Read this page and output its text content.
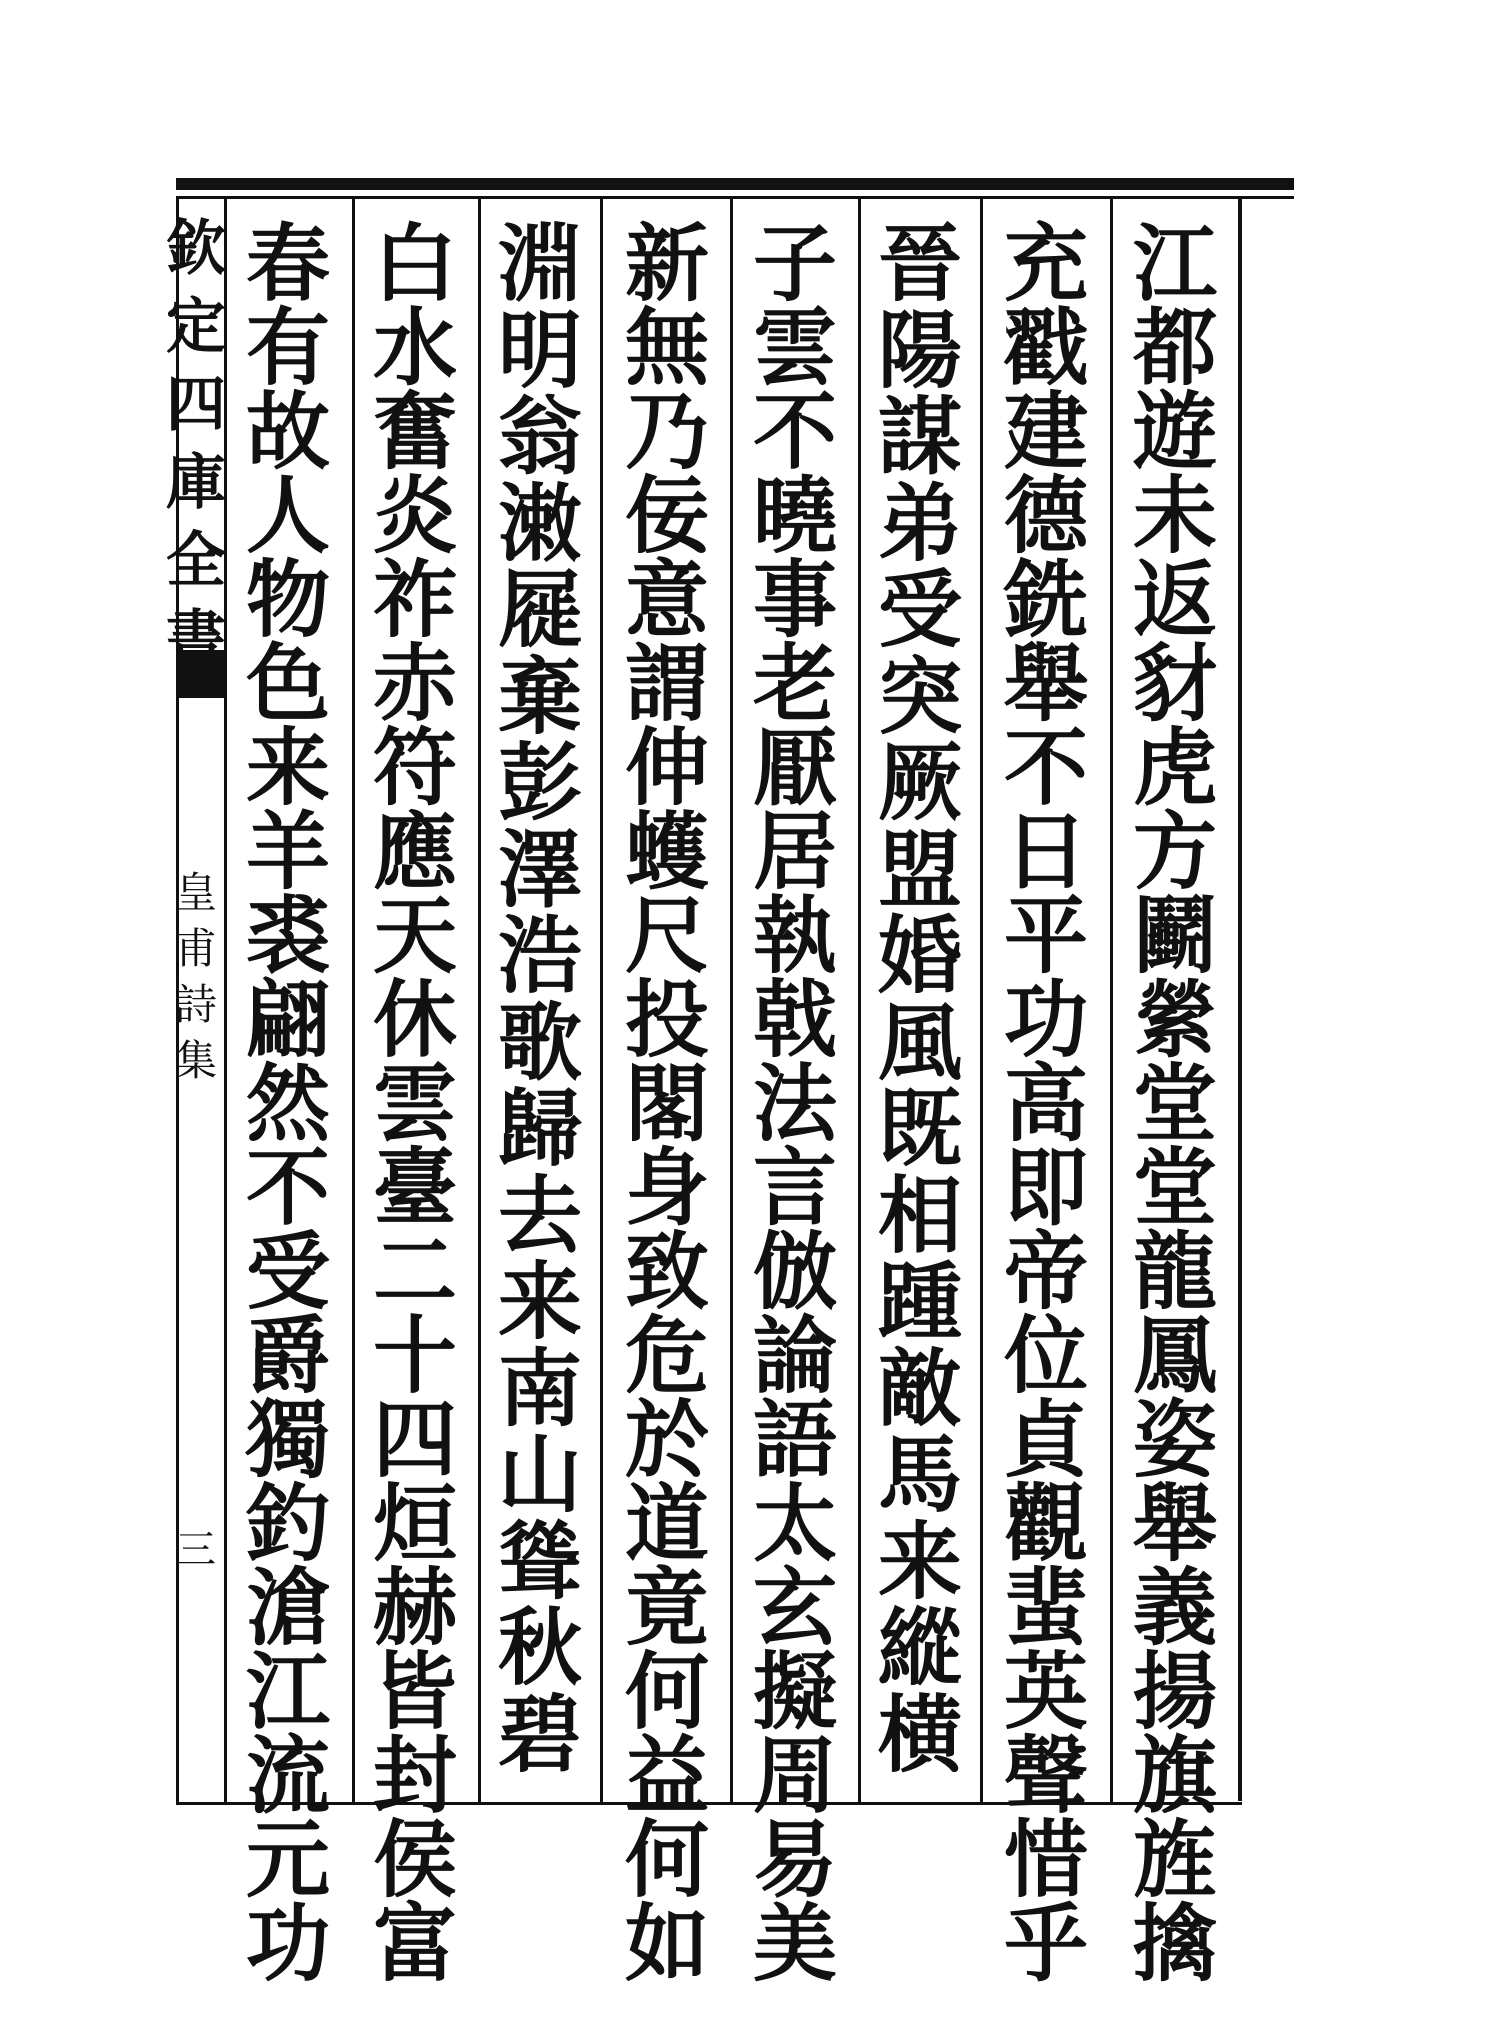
欽
定
四
庫
全
書
皇
甫
詩
集
三
江
都
遊
未
返
豺
虎
方
鬬
縈
堂
堂
龍
鳳
姿
舉
義
揚
旗
旌
擒
充
戳
建
德
銑
舉
不
日
平
功
高
即
帝
位
貞
觀
蜚
英
聲
惜
乎
晉
陽
謀
弟
受
突
厥
盟
婚
風
既
相
踵
敵
馬
来
縱
横
子
雲
不
曉
事
老
厭
居
執
戟
法
言
倣
論
語
太
玄
擬
周
易
美
新
無
乃
佞
意
謂
伸
蠖
尺
投
閣
身
致
危
於
道
竟
何
益
何
如
淵
明
翁
潄
屣
棄
彭
澤
浩
歌
歸
去
来
南
山
聳
秋
碧
白
水
奮
炎
祚
赤
符
應
天
休
雲
臺
二
十
四
烜
赫
皆
封
侯
富
春
有
故
人
物
色
来
羊
裘
翩
然
不
受
爵
獨
釣
滄
江
流
元
功
